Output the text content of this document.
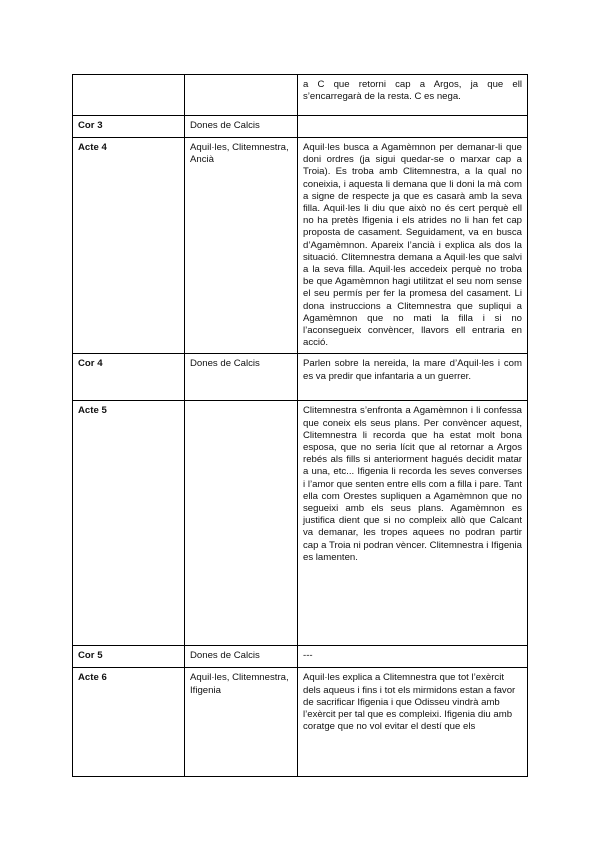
		a C que retorni cap a Argos, ja que ell s’encarregarà de la resta. C es nega.
Cor 3	Dones de Calcis	
Acte 4	Aquil·les, Clitemnestra, Ancià	Aquil·les busca a Agamèmnon per demanar-li que doni ordres (ja sigui quedar-se o marxar cap a Troia). Es troba amb Clitemnestra, a la qual no coneixia, i aquesta li demana que li doni la mà com a signe de respecte ja que es casarà amb la seva filla. Aquil·les li diu que això no és cert perquè ell no ha pretès Ifigenia i els atrides no li han fet cap proposta de casament. Seguidament, va en busca d’Agamèmnon. Apareix l’ancià i explica als dos la situació. Clitemnestra demana a Aquil·les que salvi a la seva filla. Aquil·les accedeix perquè no troba be que Agamèmnon hagi utilitzat el seu nom sense el seu permís per fer la promesa del casament. Li dona instruccions a Clitemnestra que supliqui a Agamèmnon que no mati la filla i si no l’aconsegueix convèncer, llavors ell entraria en acció.
Cor 4	Dones de Calcis	Parlen sobre la nereida, la mare d’Aquil·les i com es va predir que infantaria a un guerrer.
Acte 5		Clitemnestra s’enfronta a Agamèmnon i li confessa que coneix els seus plans. Per convèncer aquest, Clitemnestra li recorda que ha estat molt bona esposa, que no seria lícit que al retornar a Argos rebés als fills si anteriorment hagués decidit matar a una, etc... Ifigenia li recorda les seves converses i l’amor que senten entre ells com a filla i pare. Tant ella com Orestes supliquen a Agamèmnon que no segueixi amb els seus plans. Agamèmnon es justifica dient que si no compleix allò que Calcant va demanar, les tropes aquees no podran partir cap a Troia ni podran vèncer. Clitemnestra i Ifigenia es lamenten.
Cor 5	Dones de Calcis	---
Acte 6	Aquil·les, Clitemnestra, Ifigenia	Aquil·les explica a Clitemnestra que tot l’exèrcit dels aqueus i fins i tot els mirmidons estan a favor de sacrificar Ifigenia i que Odisseu vindrà amb l’exèrcit per tal que es compleixi. Ifigenia diu amb coratge que no vol evitar el destí que els
